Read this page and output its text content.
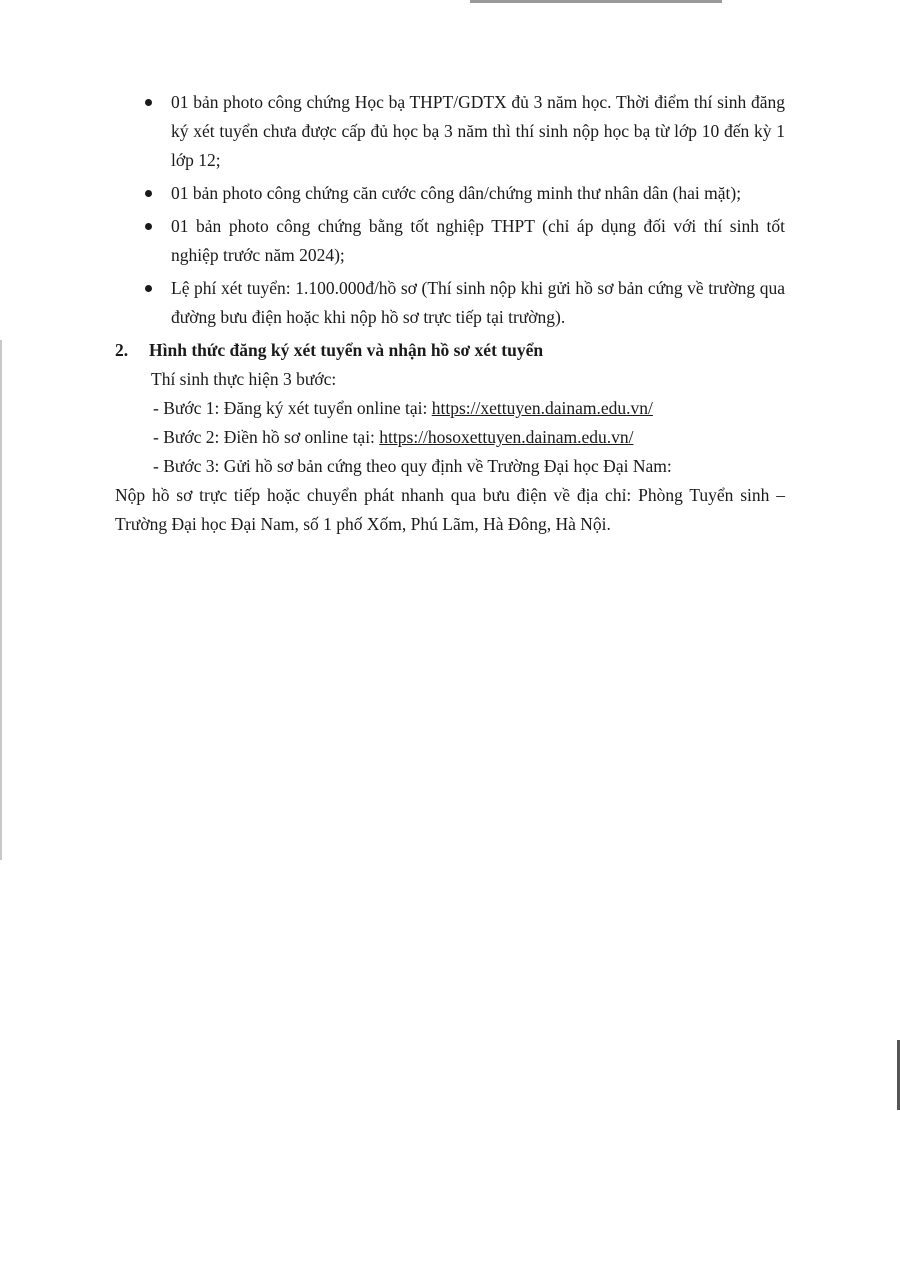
01 bản photo công chứng Học bạ THPT/GDTX đủ 3 năm học. Thời điểm thí sinh đăng ký xét tuyển chưa được cấp đủ học bạ 3 năm thì thí sinh nộp học bạ từ lớp 10 đến kỳ 1 lớp 12;
01 bản photo công chứng căn cước công dân/chứng minh thư nhân dân (hai mặt);
01 bản photo công chứng bằng tốt nghiệp THPT (chỉ áp dụng đối với thí sinh tốt nghiệp trước năm 2024);
Lệ phí xét tuyển: 1.100.000đ/hồ sơ (Thí sinh nộp khi gửi hồ sơ bản cứng về trường qua đường bưu điện hoặc khi nộp hồ sơ trực tiếp tại trường).
2.	Hình thức đăng ký xét tuyển và nhận hồ sơ xét tuyển
Thí sinh thực hiện 3 bước:
- Bước 1: Đăng ký xét tuyển online tại: https://xettuyen.dainam.edu.vn/
- Bước 2: Điền hồ sơ online tại: https://hosoxettuyen.dainam.edu.vn/
- Bước 3: Gửi hồ sơ bản cứng theo quy định về Trường Đại học Đại Nam:
Nộp hồ sơ trực tiếp hoặc chuyển phát nhanh qua bưu điện về địa chỉ: Phòng Tuyển sinh – Trường Đại học Đại Nam, số 1 phố Xốm, Phú Lãm, Hà Đông, Hà Nội.
